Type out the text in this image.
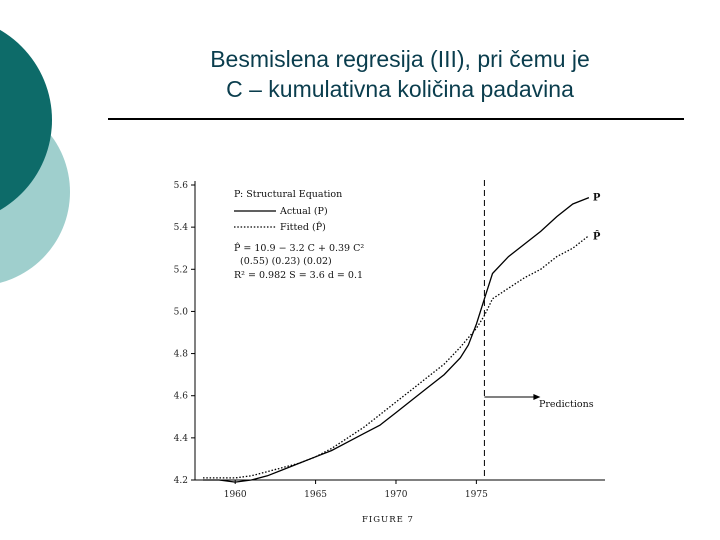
Besmislena regresija (III), pri čemu je
C – kumulativna količina padavina
4.2
4.4
4.6
4.8
5.0
5.2
5.4
5.6
1960	1965	1970	1975
P
P̂
P: Structural Equation
Actual (P)
Fitted (P̂)
P̂ = 10.9 − 3.2 C + 0.39 C²
(0.55) (0.23) (0.02)
R² = 0.982 S = 3.6 d = 0.1
Predictions
FIGURE 7
